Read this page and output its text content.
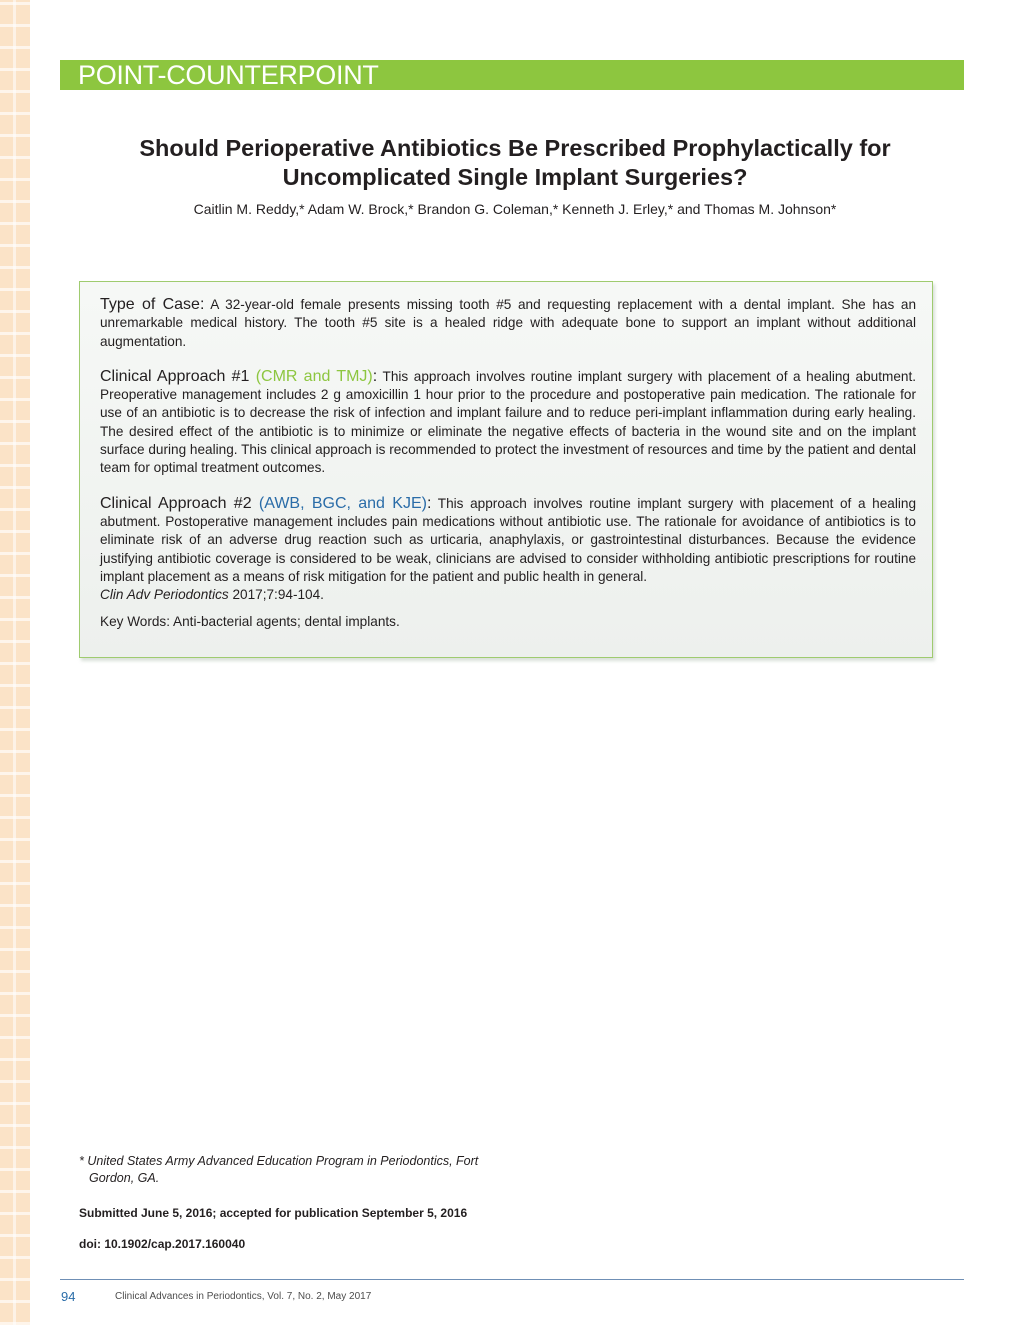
POINT-COUNTERPOINT
Should Perioperative Antibiotics Be Prescribed Prophylactically for
Uncomplicated Single Implant Surgeries?

Caitlin M. Reddy,* Adam W. Brock,* Brandon G. Coleman,* Kenneth J. Erley,* and Thomas M. Johnson*

Type of Case: A 32-year-old female presents missing tooth #5 and requesting replacement with a dental implant. She has an unremarkable medical history. The tooth #5 site is a healed ridge with adequate bone to support an implant without additional augmentation.

Clinical Approach #1 (CMR and TMJ): This approach involves routine implant surgery with placement of a healing abutment. Preoperative management includes 2 g amoxicillin 1 hour prior to the procedure and postoperative pain medication. The rationale for use of an antibiotic is to decrease the risk of infection and implant failure and to reduce peri-implant inflammation during early healing. The desired effect of the antibiotic is to minimize or eliminate the negative effects of bacteria in the wound site and on the implant surface during healing. This clinical approach is recommended to protect the investment of resources and time by the patient and dental team for optimal treatment outcomes.

Clinical Approach #2 (AWB, BGC, and KJE): This approach involves routine implant surgery with placement of a healing abutment. Postoperative management includes pain medications without antibiotic use. The rationale for avoidance of antibiotics is to eliminate risk of an adverse drug reaction such as urticaria, anaphylaxis, or gastrointestinal disturbances. Because the evidence justifying antibiotic coverage is considered to be weak, clinicians are advised to consider withholding antibiotic prescriptions for routine implant placement as a means of risk mitigation for the patient and public health in general.
Clin Adv Periodontics 2017;7:94-104.

Key Words: Anti-bacterial agents; dental implants.

* United States Army Advanced Education Program in Periodontics, Fort Gordon, GA.

Submitted June 5, 2016; accepted for publication September 5, 2016

doi: 10.1902/cap.2017.160040

94	Clinical Advances in Periodontics, Vol. 7, No. 2, May 2017
